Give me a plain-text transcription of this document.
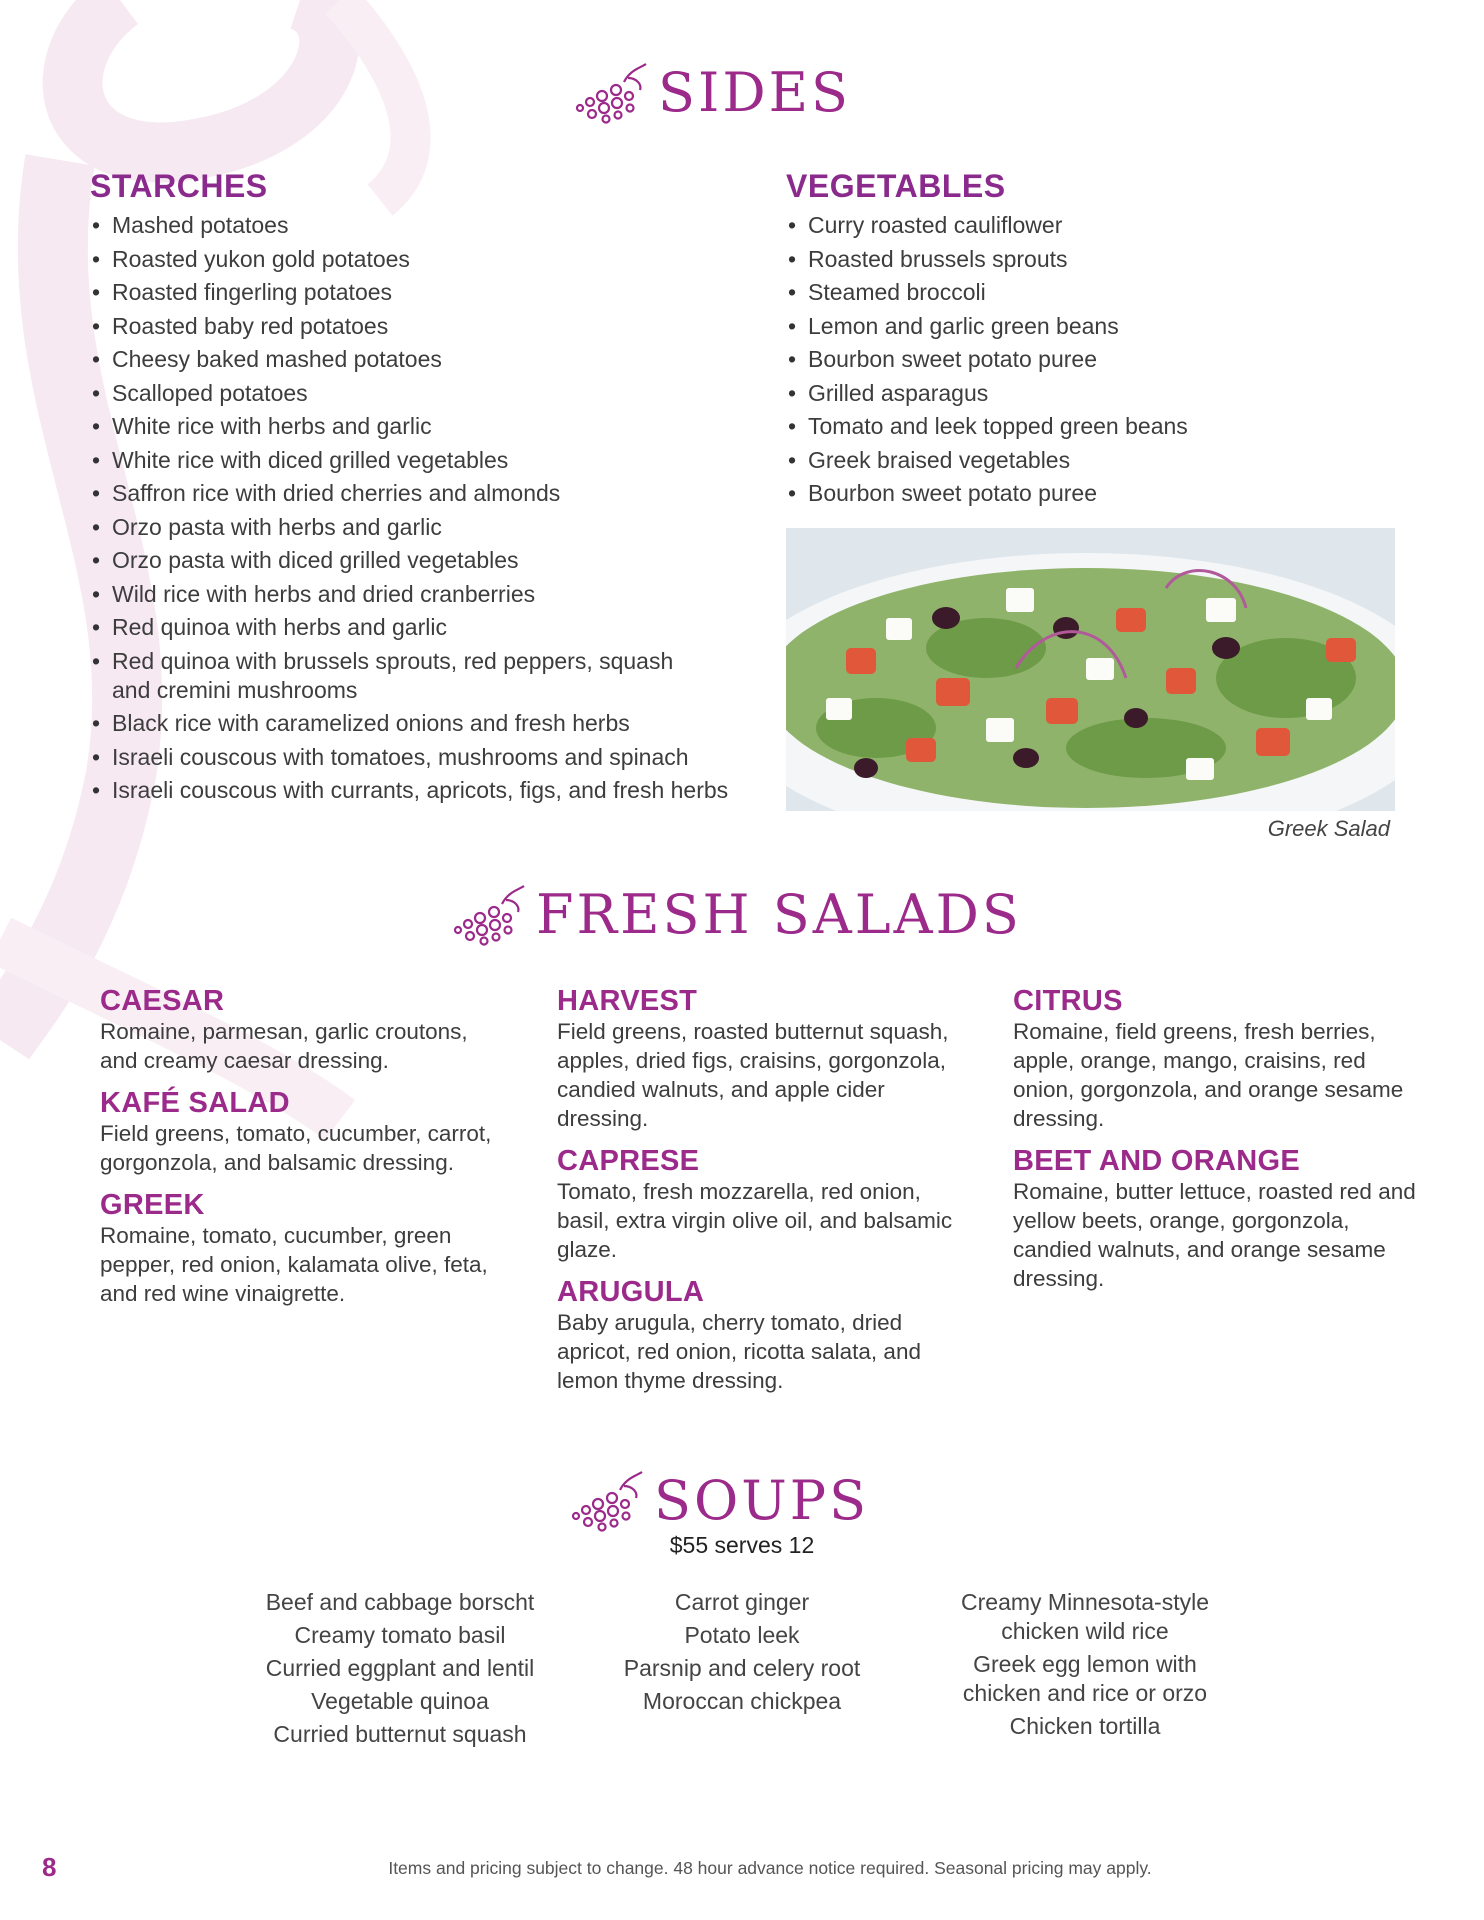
SIDES
STARCHES
• Mashed potatoes
• Roasted yukon gold potatoes
• Roasted fingerling potatoes
• Roasted baby red potatoes
• Cheesy baked mashed potatoes
• Scalloped potatoes
• White rice with herbs and garlic
• White rice with diced grilled vegetables
• Saffron rice with dried cherries and almonds
• Orzo pasta with herbs and garlic
• Orzo pasta with diced grilled vegetables
• Wild rice with herbs and dried cranberries
• Red quinoa with herbs and garlic
• Red quinoa with brussels sprouts, red peppers, squash and cremini mushrooms
• Black rice with caramelized onions and fresh herbs
• Israeli couscous with tomatoes, mushrooms and spinach
• Israeli couscous with currants, apricots, figs, and fresh herbs
VEGETABLES
• Curry roasted cauliflower
• Roasted brussels sprouts
• Steamed broccoli
• Lemon and garlic green beans
• Bourbon sweet potato puree
• Grilled asparagus
• Tomato and leek topped green beans
• Greek braised vegetables
• Bourbon sweet potato puree
Greek Salad
FRESH SALADS
CAESAR

Romaine, parmesan, garlic croutons, and creamy caesar dressing.

KAFÉ SALAD

Field greens, tomato, cucumber, carrot, gorgonzola, and balsamic dressing.

GREEK

Romaine, tomato, cucumber, green pepper, red onion, kalamata olive, feta, and red wine vinaigrette.

HARVEST

Field greens, roasted butternut squash, apples, dried figs, craisins, gorgonzola, candied walnuts, and apple cider dressing.

CAPRESE

Tomato, fresh mozzarella, red onion, basil, extra virgin olive oil, and balsamic glaze.

ARUGULA

Baby arugula, cherry tomato, dried apricot, red onion, ricotta salata, and lemon thyme dressing.

CITRUS

Romaine, field greens, fresh berries, apple, orange, mango, craisins, red onion, gorgonzola, and orange sesame dressing.

BEET AND ORANGE

Romaine, butter lettuce, roasted red and yellow beets, orange, gorgonzola, candied walnuts, and orange sesame dressing.

SOUPS
$55 serves 12
Beef and cabbage borscht
Creamy tomato basil
Curried eggplant and lentil
Vegetable quinoa
Curried butternut squash
Carrot ginger
Potato leek
Parsnip and celery root
Moroccan chickpea
Creamy Minnesota-style chicken wild rice
Greek egg lemon with chicken and rice or orzo
Chicken tortilla
8	Items and pricing subject to change. 48 hour advance notice required. Seasonal pricing may apply.
